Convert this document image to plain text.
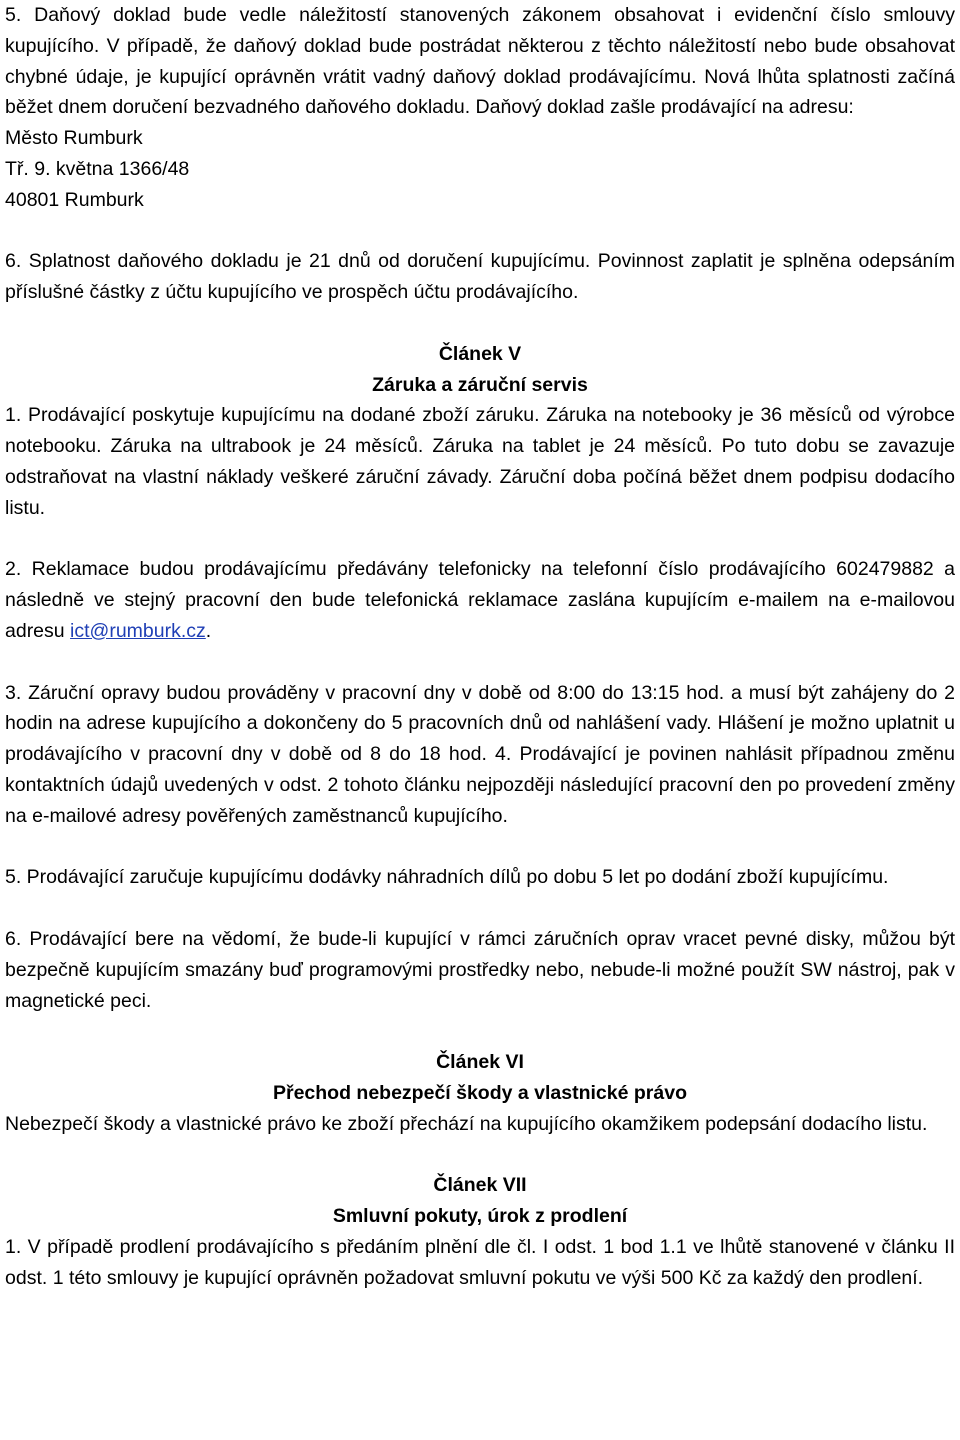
5. Daňový doklad bude vedle náležitostí stanovených zákonem obsahovat i evidenční číslo smlouvy kupujícího. V případě, že daňový doklad bude postrádat některou z těchto náležitostí nebo bude obsahovat chybné údaje, je kupující oprávněn vrátit vadný daňový doklad prodávajícímu. Nová lhůta splatnosti začíná běžet dnem doručení bezvadného daňového dokladu. Daňový doklad zašle prodávající na adresu:

Město Rumburk

Tř. 9. května 1366/48

40801 Rumburk

6. Splatnost daňového dokladu je 21 dnů od doručení kupujícímu. Povinnost zaplatit je splněna odepsáním příslušné částky z účtu kupujícího ve prospěch účtu prodávajícího.

Článek V

Záruka a záruční servis

1. Prodávající poskytuje kupujícímu na dodané zboží záruku. Záruka na notebooky je 36 měsíců od výrobce notebooku. Záruka na ultrabook je 24 měsíců. Záruka na tablet je 24 měsíců. Po tuto dobu se zavazuje odstraňovat na vlastní náklady veškeré záruční závady. Záruční doba počíná běžet dnem podpisu dodacího listu.

2. Reklamace budou prodávajícímu předávány telefonicky na telefonní číslo prodávajícího 602479882 a následně ve stejný pracovní den bude telefonická reklamace zaslána kupujícím e-mailem na e-mailovou adresu ict@rumburk.cz.

3. Záruční opravy budou prováděny v pracovní dny v době od 8:00 do 13:15 hod. a musí být zahájeny do 2 hodin na adrese kupujícího a dokončeny do 5 pracovních dnů od nahlášení vady. Hlášení je možno uplatnit u prodávajícího v pracovní dny v době od 8 do 18 hod. 4. Prodávající je povinen nahlásit případnou změnu kontaktních údajů uvedených v odst. 2 tohoto článku nejpozději následující pracovní den po provedení změny na e-mailové adresy pověřených zaměstnanců kupujícího.

5. Prodávající zaručuje kupujícímu dodávky náhradních dílů po dobu 5 let po dodání zboží kupujícímu.

6. Prodávající bere na vědomí, že bude-li kupující v rámci záručních oprav vracet pevné disky, můžou být bezpečně kupujícím smazány buď programovými prostředky nebo, nebude-li možné použít SW nástroj, pak v magnetické peci.

Článek VI

Přechod nebezpečí škody a vlastnické právo

Nebezpečí škody a vlastnické právo ke zboží přechází na kupujícího okamžikem podepsání dodacího listu.

Článek VII

Smluvní pokuty, úrok z prodlení

1. V případě prodlení prodávajícího s předáním plnění dle čl. I odst. 1 bod 1.1 ve lhůtě stanovené v článku II odst. 1 této smlouvy je kupující oprávněn požadovat smluvní pokutu ve výši 500 Kč za každý den prodlení.
